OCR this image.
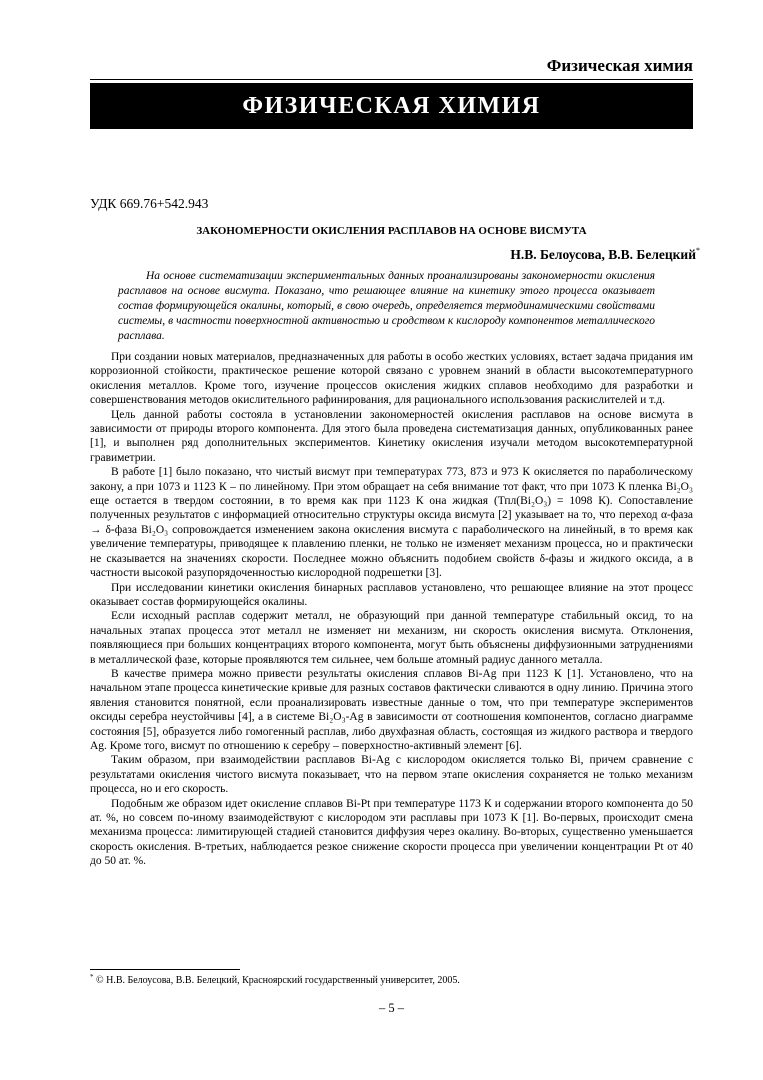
Физическая химия
ФИЗИЧЕСКАЯ ХИМИЯ
УДК 669.76+542.943
ЗАКОНОМЕРНОСТИ ОКИСЛЕНИЯ РАСПЛАВОВ НА ОСНОВЕ ВИСМУТА
Н.В. Белоусова, В.В. Белецкий*
На основе систематизации экспериментальных данных проанализированы закономерности окисления расплавов на основе висмута. Показано, что решающее влияние на кинетику этого процесса оказывает состав формирующейся окалины, который, в свою очередь, определяется термодинамическими свойствами системы, в частности поверхностной активностью и сродством к кислороду компонентов металлического расплава.

При создании новых материалов, предназначенных для работы в особо жестких условиях, встает задача придания им коррозионной стойкости, практическое решение которой связано с уровнем знаний в области высокотемпературного окисления металлов. Кроме того, изучение процессов окисления жидких сплавов необходимо для разработки и совершенствования методов окислительного рафинирования, для рационального использования раскислителей и т.д.

Цель данной работы состояла в установлении закономерностей окисления расплавов на основе висмута в зависимости от природы второго компонента. Для этого была проведена систематизация данных, опубликованных ранее [1], и выполнен ряд дополнительных экспериментов. Кинетику окисления изучали методом высокотемпературной гравиметрии.

В работе [1] было показано, что чистый висмут при температурах 773, 873 и 973 К окисляется по параболическому закону, а при 1073 и 1123 К – по линейному. При этом обращает на себя внимание тот факт, что при 1073 К пленка Bi₂O₃ еще остается в твердом состоянии, в то время как при 1123 К она жидкая (Тпл(Bi₂O₃) = 1098 К). Сопоставление полученных результатов с информацией относительно структуры оксида висмута [2] указывает на то, что переход α-фаза → δ-фаза Bi₂O₃ сопровождается изменением закона окисления висмута с параболического на линейный, в то время как увеличение температуры, приводящее к плавлению пленки, не только не изменяет механизм процесса, но и практически не сказывается на значениях скорости. Последнее можно объяснить подобием свойств δ-фазы и жидкого оксида, а в частности высокой разупорядоченностью кислородной подрешетки [3].

При исследовании кинетики окисления бинарных расплавов установлено, что решающее влияние на этот процесс оказывает состав формирующейся окалины.

Если исходный расплав содержит металл, не образующий при данной температуре стабильный оксид, то на начальных этапах процесса этот металл не изменяет ни механизм, ни скорость окисления висмута. Отклонения, появляющиеся при больших концентрациях второго компонента, могут быть объяснены диффузионными затруднениями в металлической фазе, которые проявляются тем сильнее, чем больше атомный радиус данного металла.

В качестве примера можно привести результаты окисления сплавов Bi-Ag при 1123 К [1]. Установлено, что на начальном этапе процесса кинетические кривые для разных составов фактически сливаются в одну линию. Причина этого явления становится понятной, если проанализировать известные данные о том, что при температуре экспериментов оксиды серебра неустойчивы [4], а в системе Bi₂O₃-Ag в зависимости от соотношения компонентов, согласно диаграмме состояния [5], образуется либо гомогенный расплав, либо двухфазная область, состоящая из жидкого раствора и твердого Ag. Кроме того, висмут по отношению к серебру – поверхностно-активный элемент [6].

Таким образом, при взаимодействии расплавов Bi-Ag с кислородом окисляется только Bi, причем сравнение с результатами окисления чистого висмута показывает, что на первом этапе окисления сохраняется не только механизм процесса, но и его скорость.

Подобным же образом идет окисление сплавов Bi-Pt при температуре 1173 К и содержании второго компонента до 50 ат. %, но совсем по-иному взаимодействуют с кислородом эти расплавы при 1073 К [1]. Во-первых, происходит смена механизма процесса: лимитирующей стадией становится диффузия через окалину. Во-вторых, существенно уменьшается скорость окисления. В-третьих, наблюдается резкое снижение скорости процесса при увеличении концентрации Pt от 40 до 50 ат. %.

* © Н.В. Белоусова, В.В. Белецкий, Красноярский государственный университет, 2005.
– 5 –
